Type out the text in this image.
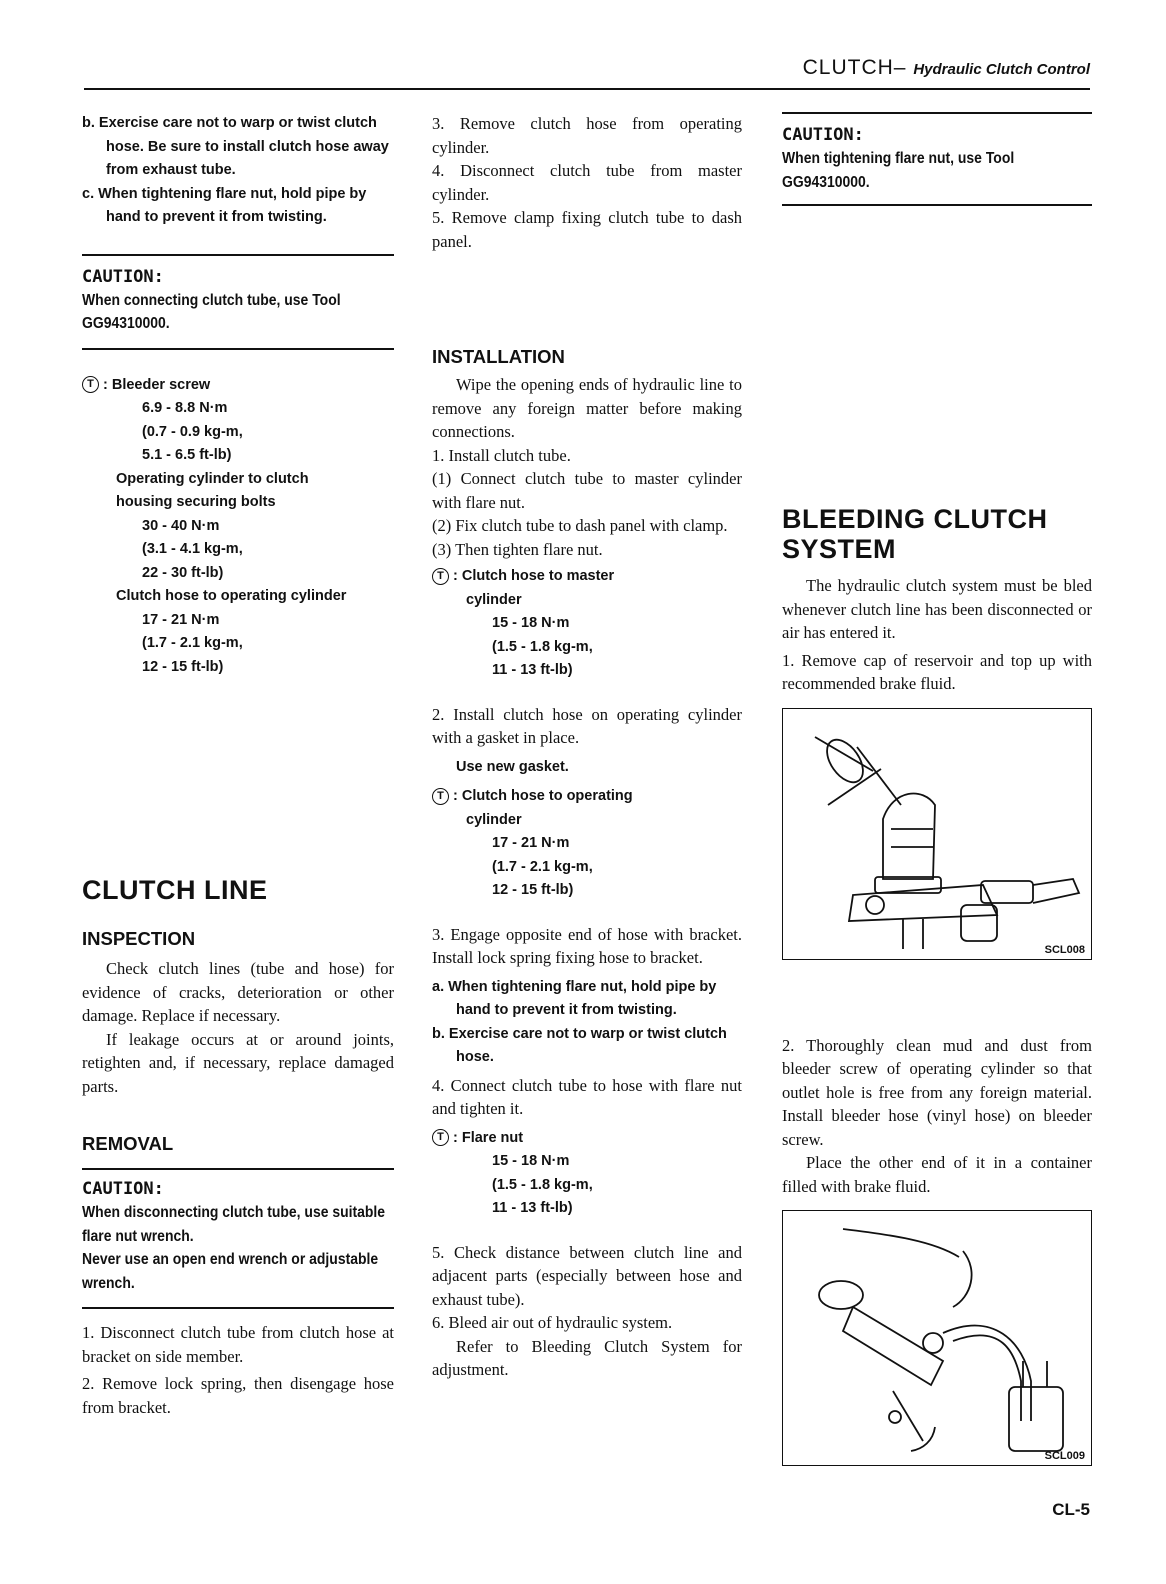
CLUTCH– Hydraulic Clutch Control
b. Exercise care not to warp or twist clutch hose. Be sure to install clutch hose away from exhaust tube.
c. When tightening flare nut, hold pipe by hand to prevent it from twisting.
CAUTION:
When connecting clutch tube, use Tool GG94310000.
T : Bleeder screw
6.9 - 8.8 N·m
(0.7 - 0.9 kg-m,
5.1 - 6.5 ft-lb)
Operating cylinder to clutch
housing securing bolts
30 - 40 N·m
(3.1 - 4.1 kg-m,
22 - 30 ft-lb)
Clutch hose to operating cylinder
17 - 21 N·m
(1.7 - 2.1 kg-m,
12 - 15 ft-lb)
CLUTCH LINE
INSPECTION
Check clutch lines (tube and hose) for evidence of cracks, deterioration or other damage. Replace if necessary.
If leakage occurs at or around joints, retighten and, if necessary, replace damaged parts.
REMOVAL
CAUTION:
When disconnecting clutch tube, use suitable flare nut wrench.
Never use an open end wrench or adjustable wrench.
1. Disconnect clutch tube from clutch hose at bracket on side member.
2. Remove lock spring, then disengage hose from bracket.
3. Remove clutch hose from operating cylinder.
4. Disconnect clutch tube from master cylinder.
5. Remove clamp fixing clutch tube to dash panel.
INSTALLATION
Wipe the opening ends of hydraulic line to remove any foreign matter before making connections.
1. Install clutch tube.
(1) Connect clutch tube to master cylinder with flare nut.
(2) Fix clutch tube to dash panel with clamp.
(3) Then tighten flare nut.
T : Clutch hose to master
cylinder
15 - 18 N·m
(1.5 - 1.8 kg-m,
11 - 13 ft-lb)
2. Install clutch hose on operating cylinder with a gasket in place.
Use new gasket.
T : Clutch hose to operating
cylinder
17 - 21 N·m
(1.7 - 2.1 kg-m,
12 - 15 ft-lb)
3. Engage opposite end of hose with bracket. Install lock spring fixing hose to bracket.
a. When tightening flare nut, hold pipe by hand to prevent it from twisting.
b. Exercise care not to warp or twist clutch hose.
4. Connect clutch tube to hose with flare nut and tighten it.
T : Flare nut
15 - 18 N·m
(1.5 - 1.8 kg-m,
11 - 13 ft-lb)
5. Check distance between clutch line and adjacent parts (especially between hose and exhaust tube).
6. Bleed air out of hydraulic system.
Refer to Bleeding Clutch System for adjustment.
CAUTION:
When tightening flare nut, use Tool GG94310000.
BLEEDING CLUTCH
SYSTEM
The hydraulic clutch system must be bled whenever clutch line has been disconnected or air has entered it.
1. Remove cap of reservoir and top up with recommended brake fluid.
SCL008
2. Thoroughly clean mud and dust from bleeder screw of operating cylinder so that outlet hole is free from any foreign material. Install bleeder hose (vinyl hose) on bleeder screw.
Place the other end of it in a container filled with brake fluid.
SCL009
CL-5
